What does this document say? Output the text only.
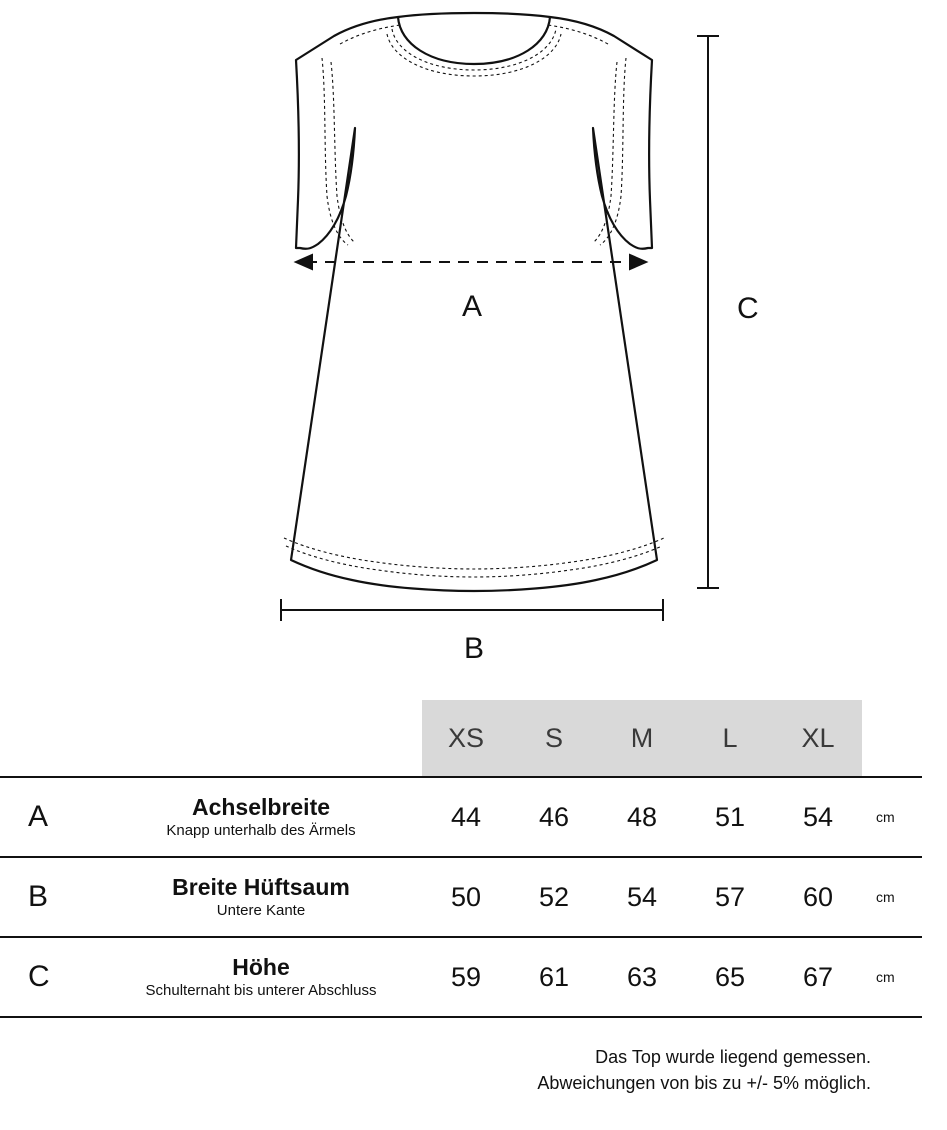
A
B
C
		XS	S	M	L	XL	
A	Achselbreite
Knapp unterhalb des Ärmels	44	46	48	51	54	cm
B	Breite Hüftsaum
Untere Kante	50	52	54	57	60	cm
C	Höhe
Schulternaht bis unterer Abschluss	59	61	63	65	67	cm
Das Top wurde liegend gemessen.
Abweichungen von bis zu +/- 5% möglich.
